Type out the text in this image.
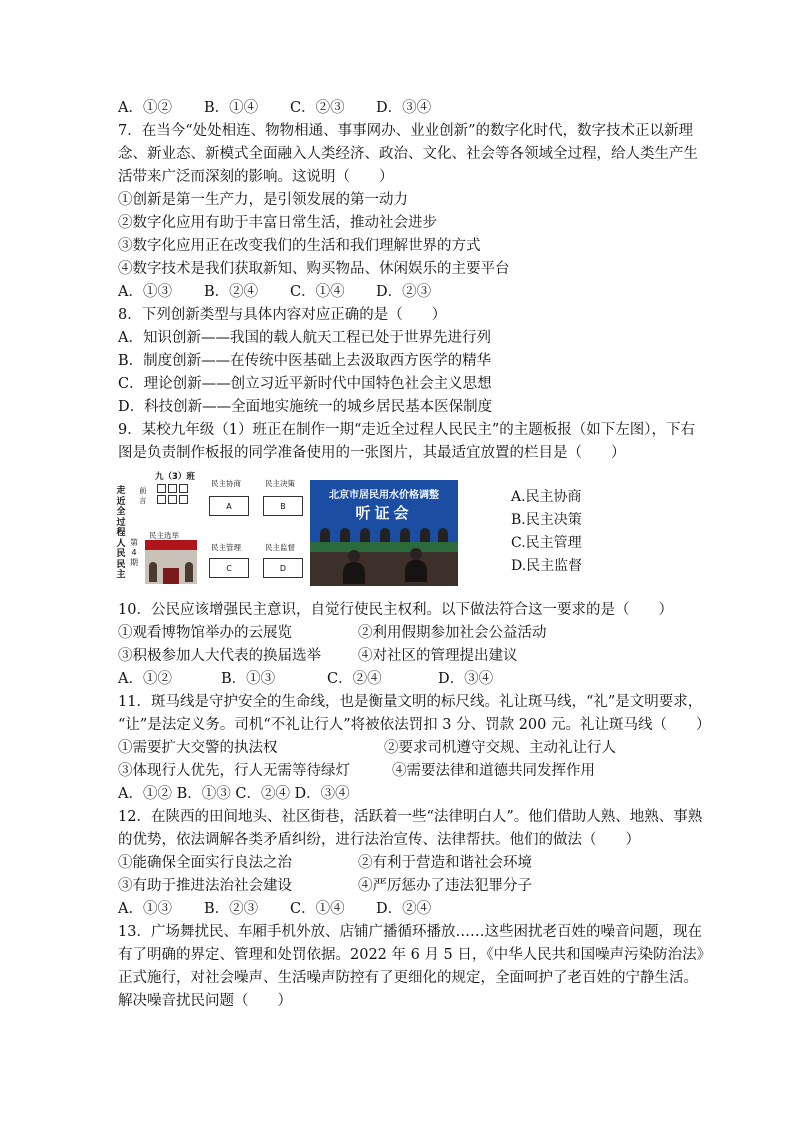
A．①② B．①④ C．②③ D．③④
7．在当今“处处相连、物物相通、事事网办、业业创新”的数字化时代，数字技术正以新理
念、新业态、新模式全面融入人类经济、政治、文化、社会等各领域全过程，给人类生产生
活带来广泛而深刻的影响。这说明（　　）
①创新是第一生产力，是引领发展的第一动力
②数字化应用有助于丰富日常生活，推动社会进步
③数字化应用正在改变我们的生活和我们理解世界的方式
④数字技术是我们获取新知、购买物品、休闲娱乐的主要平台
A．①③ B．②④ C．①④ D．②③
8．下列创新类型与具体内容对应正确的是（　　）
A．知识创新——我国的载人航天工程已处于世界先进行列
B．制度创新——在传统中医基础上去汲取西方医学的精华
C．理论创新——创立习近平新时代中国特色社会主义思想
D．科技创新——全面地实施统一的城乡居民基本医保制度
9．某校九年级（1）班正在制作一期“走近全过程人民民主”的主题板报（如下左图），下右
图是负责制作板报的同学准备使用的一张图片，其最适宜放置的栏目是（　　）
走
近
全
过
程
人
民
民
主
第
4
期
九（3）班
前
言
民主协商
A
民主决策
B
民主管理
C
民主监督
D
民主选举
北京市居民用水价格调整
听证会
A.民主协商
B.民主决策
C.民主管理
D.民主监督
10．公民应该增强民主意识，自觉行使民主权利。以下做法符合这一要求的是（　　）
①观看博物馆举办的云展览	②利用假期参加社会公益活动
③积极参加人大代表的换届选举	④对社区的管理提出建议
A．①②	B．①③	C．②④	D．③④
11．斑马线是守护安全的生命线，也是衡量文明的标尺线。礼让斑马线，“礼”是文明要求，
“让”是法定义务。司机“不礼让行人”将被依法罚扣 3 分、罚款 200 元。礼让斑马线（　　）
①需要扩大交警的执法权	②要求司机遵守交规、主动礼让行人
③体现行人优先，行人无需等待绿灯	④需要法律和道德共同发挥作用
A．①② B．①③ C．②④ D．③④
12．在陕西的田间地头、社区街巷，活跃着一些“法律明白人”。他们借助人熟、地熟、事熟
的优势，依法调解各类矛盾纠纷，进行法治宣传、法律帮扶。他们的做法（　　）
①能确保全面实行良法之治	②有利于营造和谐社会环境
③有助于推进法治社会建设	④严厉惩办了违法犯罪分子
A．①③ B．②③ C．①④ D．②④
13．广场舞扰民、车厢手机外放、店铺广播循环播放……这些困扰老百姓的噪音问题，现在
有了明确的界定、管理和处罚依据。2022 年 6 月 5 日，《中华人民共和国噪声污染防治法》
正式施行，对社会噪声、生活噪声防控有了更细化的规定，全面呵护了老百姓的宁静生活。
解决噪音扰民问题（　　）
